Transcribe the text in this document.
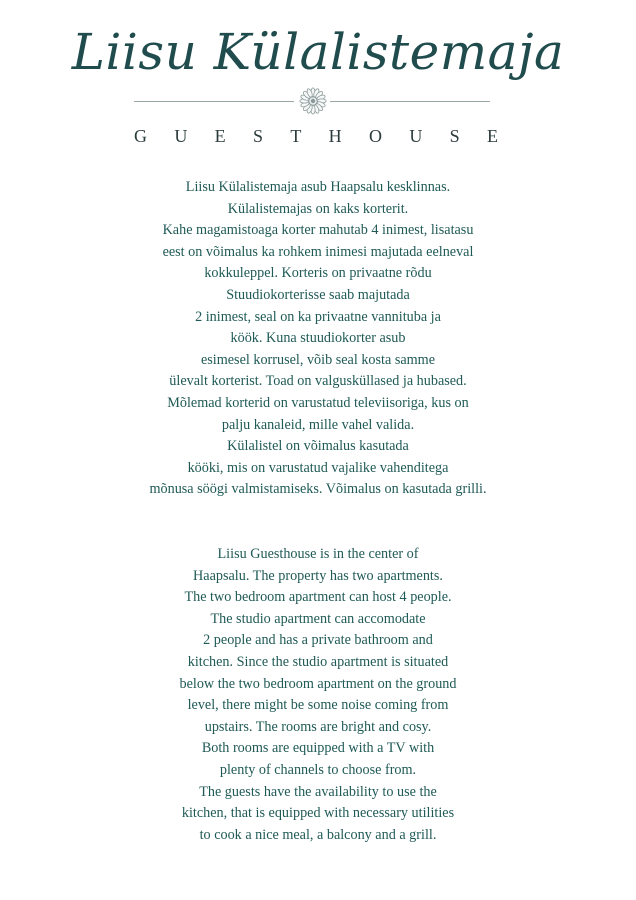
Liisu Külalistemaja
G U E S T H O U S E
Liisu Külalistemaja asub Haapsalu kesklinnas.
Külalistemajas on kaks korterit.
Kahe magamistoaga korter mahutab 4 inimest, lisatasu
eest on võimalus ka rohkem inimesi majutada eelneval
kokkuleppel. Korteris on privaatne rõdu
Stuudiokorterisse saab majutada
2 inimest, seal on ka privaatne vannituba ja
köök. Kuna stuudiokorter asub
esimesel korrusel, võib seal kosta samme
ülevalt korterist. Toad on valgusküllased ja hubased.
Mõlemad korterid on varustatud televiisoriga, kus on
palju kanaleid, mille vahel valida.
Külalistel on võimalus kasutada
kööki, mis on varustatud vajalike vahenditega
mõnusa söögi valmistamiseks. Võimalus on kasutada grilli.
Liisu Guesthouse is in the center of
Haapsalu. The property has two apartments.
The two bedroom apartment can host 4 people.
The studio apartment can accomodate
2 people and has a private bathroom and
kitchen. Since the studio apartment is situated
below the two bedroom apartment on the ground
level, there might be some noise coming from
upstairs. The rooms are bright and cosy.
Both rooms are equipped with a TV with
plenty of channels to choose from.
The guests have the availability to use the
kitchen, that is equipped with necessary utilities
to cook a nice meal, a balcony and a grill.
